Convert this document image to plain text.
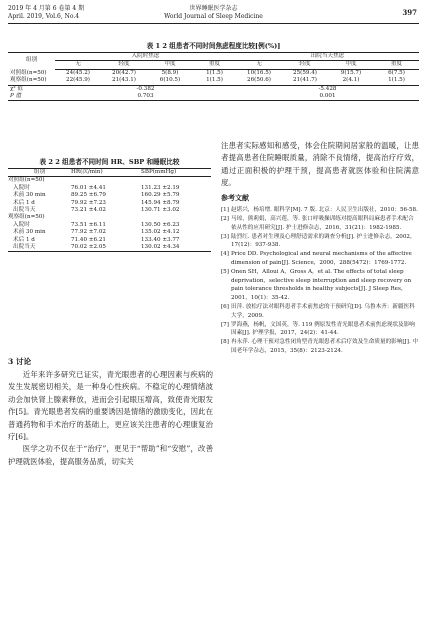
2019 年 4 月第 6 卷第 4 期
April. 2019, Vol.6, No.4
世界睡眠医学杂志
World Journal of Sleep Medicine	397
表 1 2 组患者不同时间焦虑程度比较[例(%)]
组别	入院时焦虑				出院当天焦虑			
	无	轻度	中度	重度	无	轻度	中度	重度
对照组(n=50)	24(45.2)	20(42.7)	5(8.9)	1(1.5)	10(16.5)	25(59.4)	9(15.7)	6(7.5)
观察组(n=50)	22(45.9)	21(43.1)	6(10.5)	1(1.5)	26(50.6)	21(41.7)	2(4.1)	1(1.5)
χ² 值	-0.382				-5.428			
P 值	0.703				0.001			
表 2 2 组患者不同时间 HR、SBP 和睡眠比较
组别	HR(次/min)	SBP(mmHg)
对照组(n=50)		
入院时	76.01 ±4.41	131.23 ±2.19
术前 30 min	89.25 ±6.79	160.29 ±5.79
术后 1 d	79.92 ±7.23	145.94 ±8.79
出院当天	73.21 ±4.02	130.71 ±3.02
观察组(n=50)		
入院时	73.51 ±6.11	130.50 ±6.23
术前 30 min	77.92 ±7.02	135.02 ±4.12
术后 1 d	71.40 ±6.21	133.40 ±3.77
出院当天	70.02 ±2.05	130.02 ±4.34
3 讨论

近年来许多研究已证实，青光眼患者的心理因素与疾病的发生发展密切相关，是一种身心性疾病。不稳定的心理情绪波动会加快肾上腺素释放，进而会引起眼压增高，致使青光眼发作[5]。青光眼患者发病的重要诱因是情绪的激励变化，因此在普通药物和手术治疗的基础上，更应该关注患者的心理康复治疗[6]。

医学之功不仅在于“治疗”，更见于“帮助”和“安慰”，改善护理就医体验，提高服务品质，切实关

注患者实际感知和感受，体会住院期间居家般的温暖，让患者提高患者住院睡眠质量，消除不良情绪，提高治疗疗效，通过正面积极的护理干预，提高患者就医体验和住院满意度。
参考文献
[1] 赵堪兴，杨培增. 眼科学[M]. 7 版. 北京：人民卫生出版社，2010：56-58.
[2] 马琼，熊莉娟，高兴莲，等. 张口呼吸操训练对提高眼科局麻患者手术配合依从性的应用研究[J]. 护士进修杂志，2016，31(21)：1982-1985.
[3] 陆烈红. 患者对生理及心理舒适需求的调查分析[J]. 护士进修杂志，2002，17(12)：937-938.
[4] Price DD. Psychological and neural mechanisms of the affective dimension of pain[J]. Science，2000，288(5472)：1769-1772.
[5] Onen SH，Alloui A，Gross A，et al. The effects of total sleep deprivation，selective sleep interruption and sleep recovery on pain tolerance thresholds in healthy subjects[J]. J Sleep Res，2001，10(1)：35-42.
[6] 田萍. 放松疗法对眼科患者手术前焦虑的干预研究[D]. 乌鲁木齐：新疆医科大学，2009.
[7] 罗海燕，杨帆，文国英，等. 119 例原发性青光眼患者术前焦虑现状及影响因素[J]. 护理学报，2017，24(2)：41-44.
[8] 冉永萍. 心理干预对急性闭角型青光眼患者术后疗效及生命质量的影响[J]. 中国老年学杂志，2015，35(8)：2123-2124.
